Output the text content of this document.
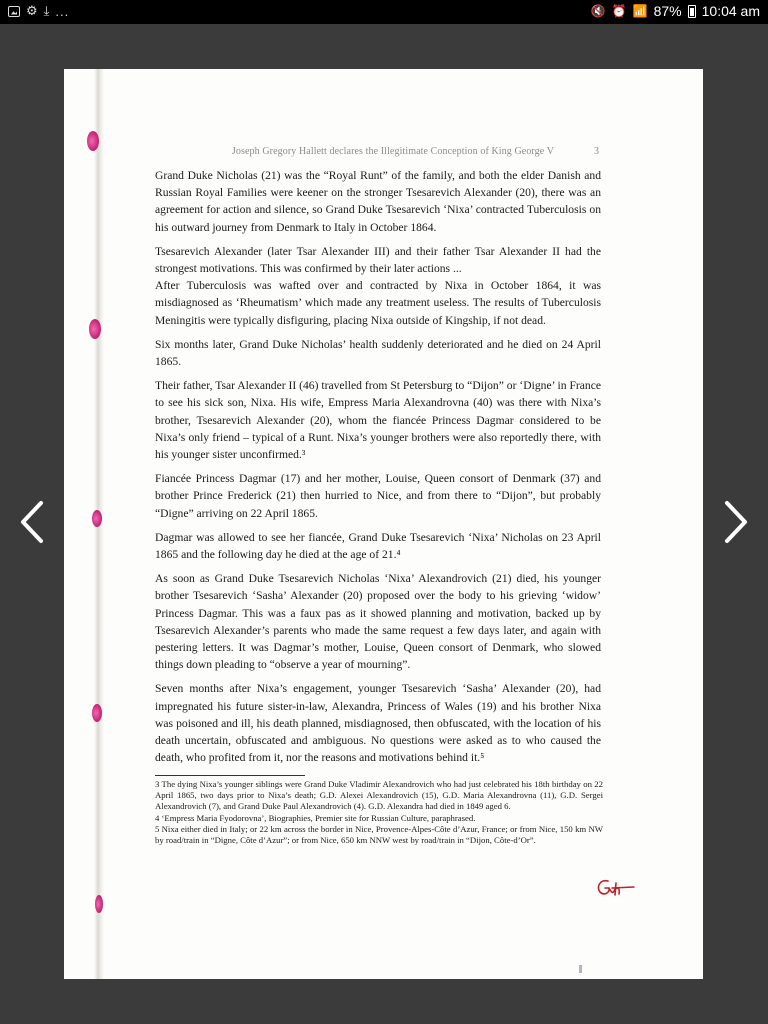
⚙ ⤓ ...	🔇 ⏰ 📶 87% 10:04 am
Joseph Gregory Hallett declares the Illegitimate Conception of King George V	3

Grand Duke Nicholas (21) was the “Royal Runt” of the family, and both the elder Danish and Russian Royal Families were keener on the stronger Tsesarevich Alexander (20), there was an agreement for action and silence, so Grand Duke Tsesarevich ‘Nixa’ contracted Tuberculosis on his outward journey from Denmark to Italy in October 1864.

Tsesarevich Alexander (later Tsar Alexander III) and their father Tsar Alexander II had the strongest motivations. This was confirmed by their later actions ...

After Tuberculosis was wafted over and contracted by Nixa in October 1864, it was misdiagnosed as ‘Rheumatism’ which made any treatment useless. The results of Tuberculosis Meningitis were typically disfiguring, placing Nixa outside of Kingship, if not dead.

Six months later, Grand Duke Nicholas’ health suddenly deteriorated and he died on 24 April 1865.

Their father, Tsar Alexander II (46) travelled from St Petersburg to “Dijon” or ‘Digne’ in France to see his sick son, Nixa. His wife, Empress Maria Alexandrovna (40) was there with Nixa’s brother, Tsesarevich Alexander (20), whom the fiancée Princess Dagmar considered to be Nixa’s only friend – typical of a Runt. Nixa’s younger brothers were also reportedly there, with his younger sister unconfirmed.³

Fiancée Princess Dagmar (17) and her mother, Louise, Queen consort of Denmark (37) and brother Prince Frederick (21) then hurried to Nice, and from there to “Dijon”, but probably “Digne” arriving on 22 April 1865.

Dagmar was allowed to see her fiancée, Grand Duke Tsesarevich ‘Nixa’ Nicholas on 23 April 1865 and the following day he died at the age of 21.⁴

As soon as Grand Duke Tsesarevich Nicholas ‘Nixa’ Alexandrovich (21) died, his younger brother Tsesarevich ‘Sasha’ Alexander (20) proposed over the body to his grieving ‘widow’ Princess Dagmar. This was a faux pas as it showed planning and motivation, backed up by Tsesarevich Alexander’s parents who made the same request a few days later, and again with pestering letters. It was Dagmar’s mother, Louise, Queen consort of Denmark, who slowed things down pleading to “observe a year of mourning”.

Seven months after Nixa’s engagement, younger Tsesarevich ‘Sasha’ Alexander (20), had impregnated his future sister-in-law, Alexandra, Princess of Wales (19) and his brother Nixa was poisoned and ill, his death planned, misdiagnosed, then obfuscated, with the location of his death uncertain, obfuscated and ambiguous. No questions were asked as to who caused the death, who profited from it, nor the reasons and motivations behind it.⁵

3 The dying Nixa’s younger siblings were Grand Duke Vladimir Alexandrovich who had just celebrated his 18th birthday on 22 April 1865, two days prior to Nixa’s death; G.D. Alexei Alexandrovich (15), G.D. Maria Alexandrovna (11), G.D. Sergei Alexandrovich (7), and Grand Duke Paul Alexandrovich (4). G.D. Alexandra had died in 1849 aged 6.

4 ‘Empress Maria Fyodorovna’, Biographies, Premier site for Russian Culture, paraphrased.

5 Nixa either died in Italy; or 22 km across the border in Nice, Provence-Alpes-Côte d’Azur, France; or from Nice, 150 km NW by road/train in “Digne, Côte d’Azur”; or from Nice, 650 km NNW west by road/train in “Dijon, Côte-d’Or”.
